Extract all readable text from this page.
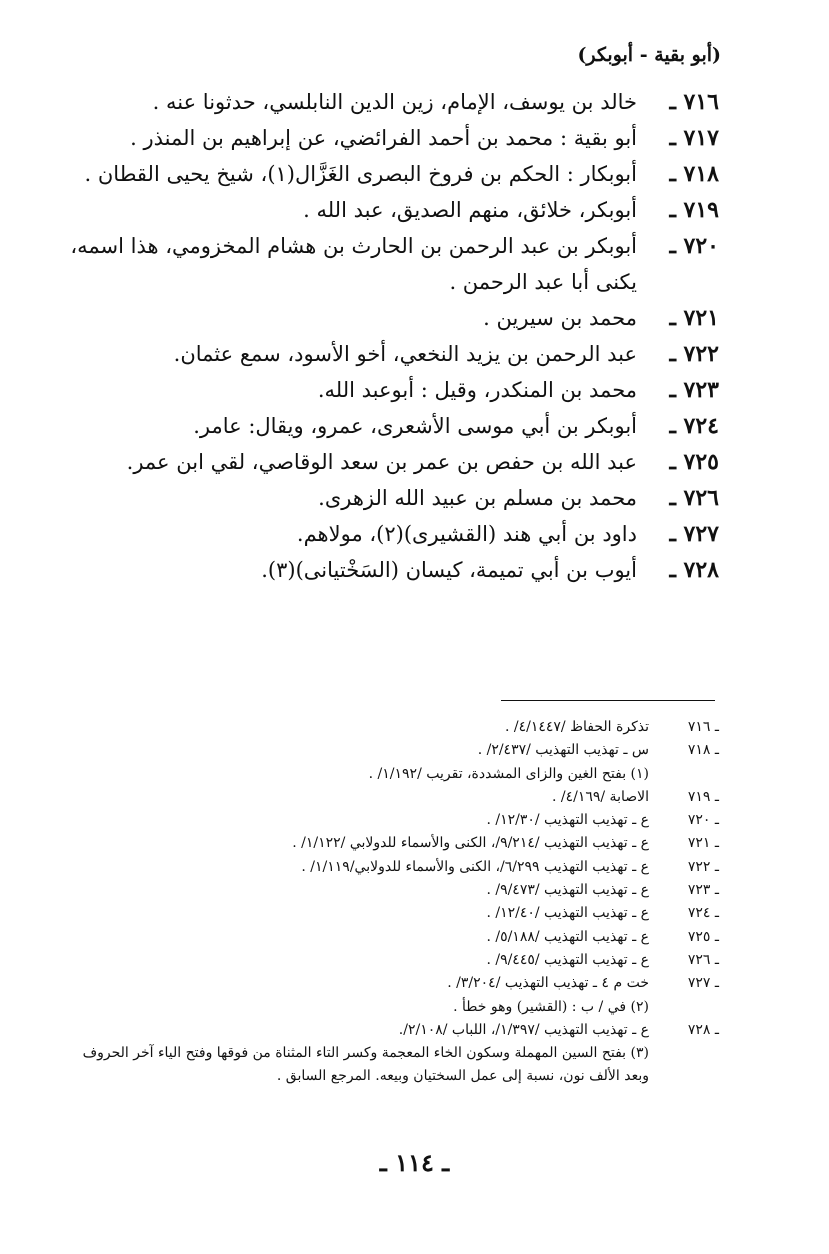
(أبو بقية - أبوبكر)
٧١٦ ـ
خالد بن يوسف، الإمام، زين الدين النابلسي، حدثونا عنه .
٧١٧ ـ
أبو بقية : محمد بن أحمد الفرائضي، عن إبراهيم بن المنذر .
٧١٨ ـ
أبوبكار : الحكم بن فروخ البصرى الغَزَّال(١)، شيخ يحيى القطان .
٧١٩ ـ
أبوبكر، خلائق، منهم الصديق، عبد الله .
٧٢٠ ـ
أبوبكر بن عبد الرحمن بن الحارث بن هشام المخزومي، هذا اسمه، يكنى أبا عبد الرحمن .
٧٢١ ـ
محمد بن سيرين .
٧٢٢ ـ
عبد الرحمن بن يزيد النخعي، أخو الأسود، سمع عثمان.
٧٢٣ ـ
محمد بن المنكدر، وقيل : أبوعبد الله.
٧٢٤ ـ
أبوبكر بن أبي موسى الأشعرى، عمرو، ويقال: عامر.
٧٢٥ ـ
عبد الله بن حفص بن عمر بن سعد الوقاصي، لقي ابن عمر.
٧٢٦ ـ
محمد بن مسلم بن عبيد الله الزهرى.
٧٢٧ ـ
داود بن أبي هند (القشيرى)(٢)، مولاهم.
٧٢٨ ـ
أيوب بن أبي تميمة، كيسان (السَخْتيانى)(٣).
ـ ٧١٦
تذكرة الحفاظ /٤/١٤٤٧/ .
ـ ٧١٨
س ـ تهذيب التهذيب /٢/٤٣٧/ .
(١) بفتح الغين والزاى المشددة، تقريب /١/١٩٢/ .
ـ ٧١٩
الاصابة /٤/١٦٩/ .
ـ ٧٢٠
ع ـ تهذيب التهذيب /١٢/٣٠/ .
ـ ٧٢١
ع ـ تهذيب التهذيب /٩/٢١٤/، الكنى والأسماء للدولابي /١/١٢٢/ .
ـ ٧٢٢
ع ـ تهذيب التهذيب ٦/٢٩٩/، الكنى والأسماء للدولابي/١/١١٩/ .
ـ ٧٢٣
ع ـ تهذيب التهذيب /٩/٤٧٣/ .
ـ ٧٢٤
ع ـ تهذيب التهذيب /١٢/٤٠/ .
ـ ٧٢٥
ع ـ تهذيب التهذيب /٥/١٨٨/ .
ـ ٧٢٦
ع ـ تهذيب التهذيب /٩/٤٤٥/ .
ـ ٧٢٧
خت م ٤ ـ تهذيب التهذيب /٣/٢٠٤/ .
(٢) في / ب : (القشير) وهو خطأ .
ـ ٧٢٨
ع ـ تهذيب التهذيب /١/٣٩٧/، اللباب /٢/١٠٨/.
(٣) بفتح السين المهملة وسكون الخاء المعجمة وكسر التاء المثناة من فوقها وفتح الياء آخر الحروف وبعد الألف نون، نسبة إلى عمل السختيان وبيعه. المرجع السابق .
ـ ١١٤ ـ
